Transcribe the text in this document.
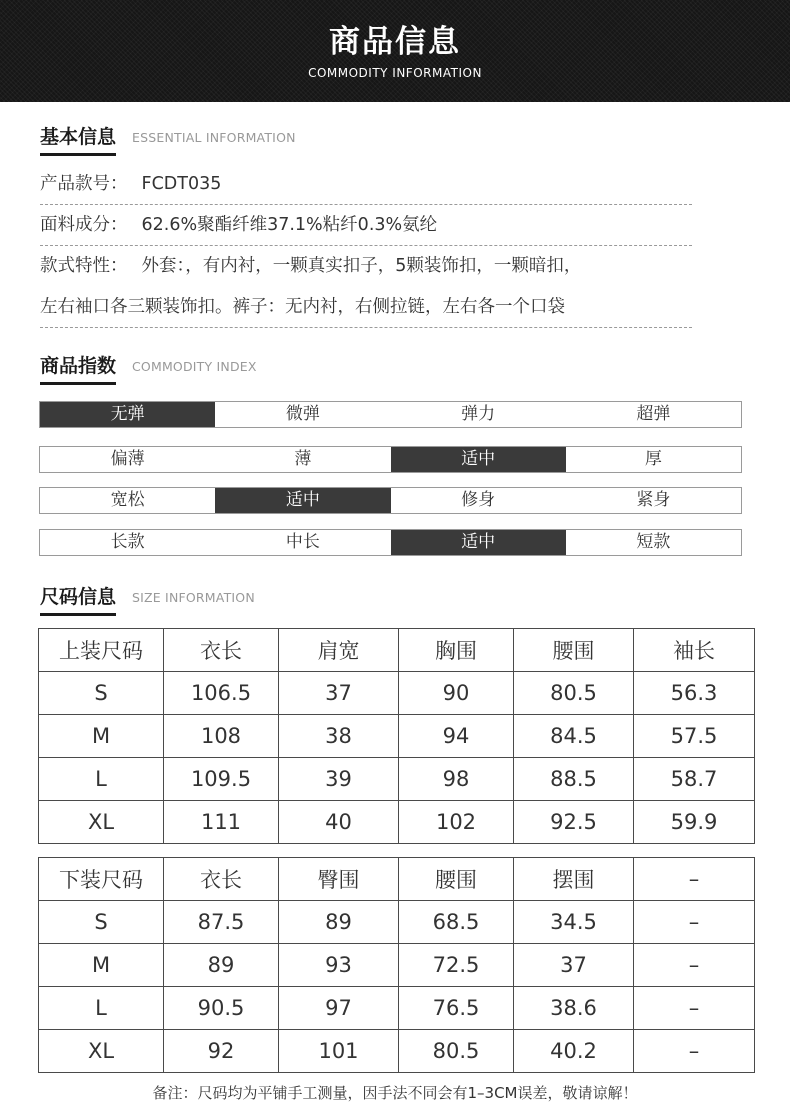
商品信息
COMMODITY INFORMATION
基本信息 ESSENTIAL INFORMATION
产品款号： FCDT035
面料成分： 62.6%聚酯纤维37.1%粘纤0.3%氨纶
款式特性： 外套：，有内衬，一颗真实扣子，5颗装饰扣，一颗暗扣，
左右袖口各三颗装饰扣。裤子：无内衬，右侧拉链，左右各一个口袋
商品指数 COMMODITY INDEX
无弹	微弹	弹力	超弹
偏薄	薄	适中	厚
宽松	适中	修身	紧身
长款	中长	适中	短款
尺码信息 SIZE INFORMATION
上装尺码	衣长	肩宽	胸围	腰围	袖长
S	106.5	37	90	80.5	56.3
M	108	38	94	84.5	57.5
L	109.5	39	98	88.5	58.7
XL	111	40	102	92.5	59.9
下装尺码	衣长	臀围	腰围	摆围	–
S	87.5	89	68.5	34.5	–
M	89	93	72.5	37	–
L	90.5	97	76.5	38.6	–
XL	92	101	80.5	40.2	–
备注：尺码均为平铺手工测量，因手法不同会有1–3CM误差，敬请谅解！
